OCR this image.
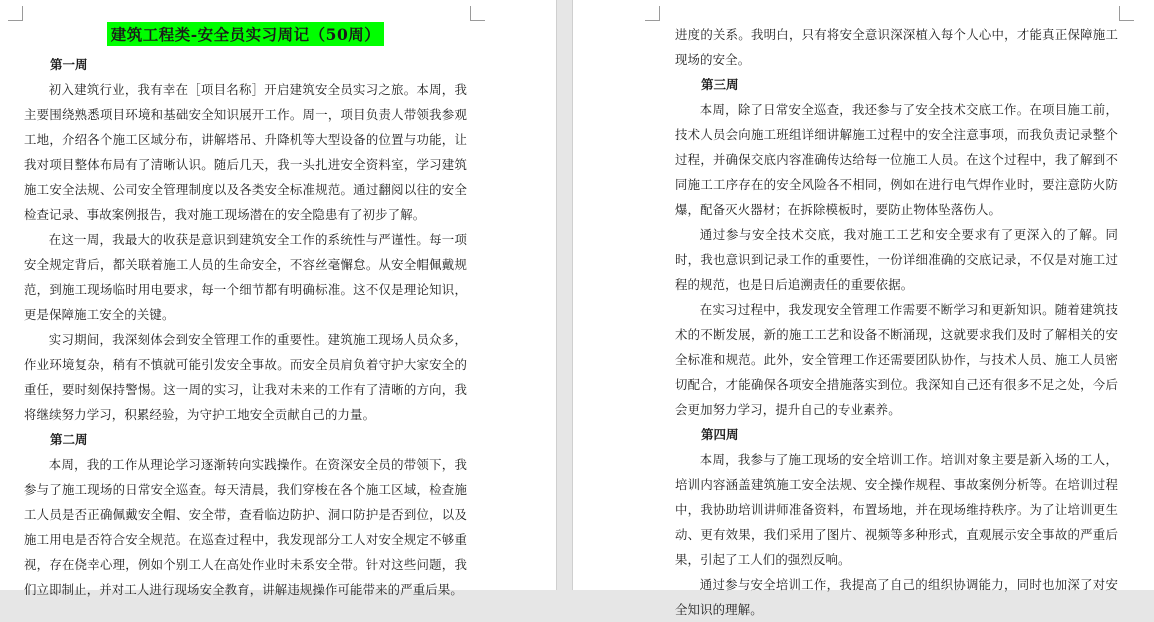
建筑工程类-安全员实习周记（50周）

第一周

初入建筑行业，我有幸在［项目名称］开启建筑安全员实习之旅。本周，我主要围绕熟悉项目环境和基础安全知识展开工作。周一，项目负责人带领我参观工地，介绍各个施工区域分布，讲解塔吊、升降机等大型设备的位置与功能，让我对项目整体布局有了清晰认识。随后几天，我一头扎进安全资料室，学习建筑施工安全法规、公司安全管理制度以及各类安全标准规范。通过翻阅以往的安全检查记录、事故案例报告，我对施工现场潜在的安全隐患有了初步了解。

在这一周，我最大的收获是意识到建筑安全工作的系统性与严谨性。每一项安全规定背后，都关联着施工人员的生命安全，不容丝毫懈怠。从安全帽佩戴规范，到施工现场临时用电要求，每一个细节都有明确标准。这不仅是理论知识，更是保障施工安全的关键。

实习期间，我深刻体会到安全管理工作的重要性。建筑施工现场人员众多，作业环境复杂，稍有不慎就可能引发安全事故。而安全员肩负着守护大家安全的重任，要时刻保持警惕。这一周的实习，让我对未来的工作有了清晰的方向，我将继续努力学习，积累经验，为守护工地安全贡献自己的力量。

第二周

本周，我的工作从理论学习逐渐转向实践操作。在资深安全员的带领下，我参与了施工现场的日常安全巡查。每天清晨，我们穿梭在各个施工区域，检查施工人员是否正确佩戴安全帽、安全带，查看临边防护、洞口防护是否到位，以及施工用电是否符合安全规范。在巡查过程中，我发现部分工人对安全规定不够重视，存在侥幸心理，例如个别工人在高处作业时未系安全带。针对这些问题，我们立即制止，并对工人进行现场安全教育，讲解违规操作可能带来的严重后果。

进度的关系。我明白，只有将安全意识深深植入每个人心中，才能真正保障施工现场的安全。

第三周

本周，除了日常安全巡查，我还参与了安全技术交底工作。在项目施工前，技术人员会向施工班组详细讲解施工过程中的安全注意事项，而我负责记录整个过程，并确保交底内容准确传达给每一位施工人员。在这个过程中，我了解到不同施工工序存在的安全风险各不相同，例如在进行电气焊作业时，要注意防火防爆，配备灭火器材；在拆除模板时，要防止物体坠落伤人。

通过参与安全技术交底，我对施工工艺和安全要求有了更深入的了解。同时，我也意识到记录工作的重要性，一份详细准确的交底记录，不仅是对施工过程的规范，也是日后追溯责任的重要依据。

在实习过程中，我发现安全管理工作需要不断学习和更新知识。随着建筑技术的不断发展，新的施工工艺和设备不断涌现，这就要求我们及时了解相关的安全标准和规范。此外，安全管理工作还需要团队协作，与技术人员、施工人员密切配合，才能确保各项安全措施落实到位。我深知自己还有很多不足之处，今后会更加努力学习，提升自己的专业素养。

第四周

本周，我参与了施工现场的安全培训工作。培训对象主要是新入场的工人，培训内容涵盖建筑施工安全法规、安全操作规程、事故案例分析等。在培训过程中，我协助培训讲师准备资料，布置场地，并在现场维持秩序。为了让培训更生动、更有效果，我们采用了图片、视频等多种形式，直观展示安全事故的严重后果，引起了工人们的强烈反响。

通过参与安全培训工作，我提高了自己的组织协调能力，同时也加深了对安全知识的理解。
